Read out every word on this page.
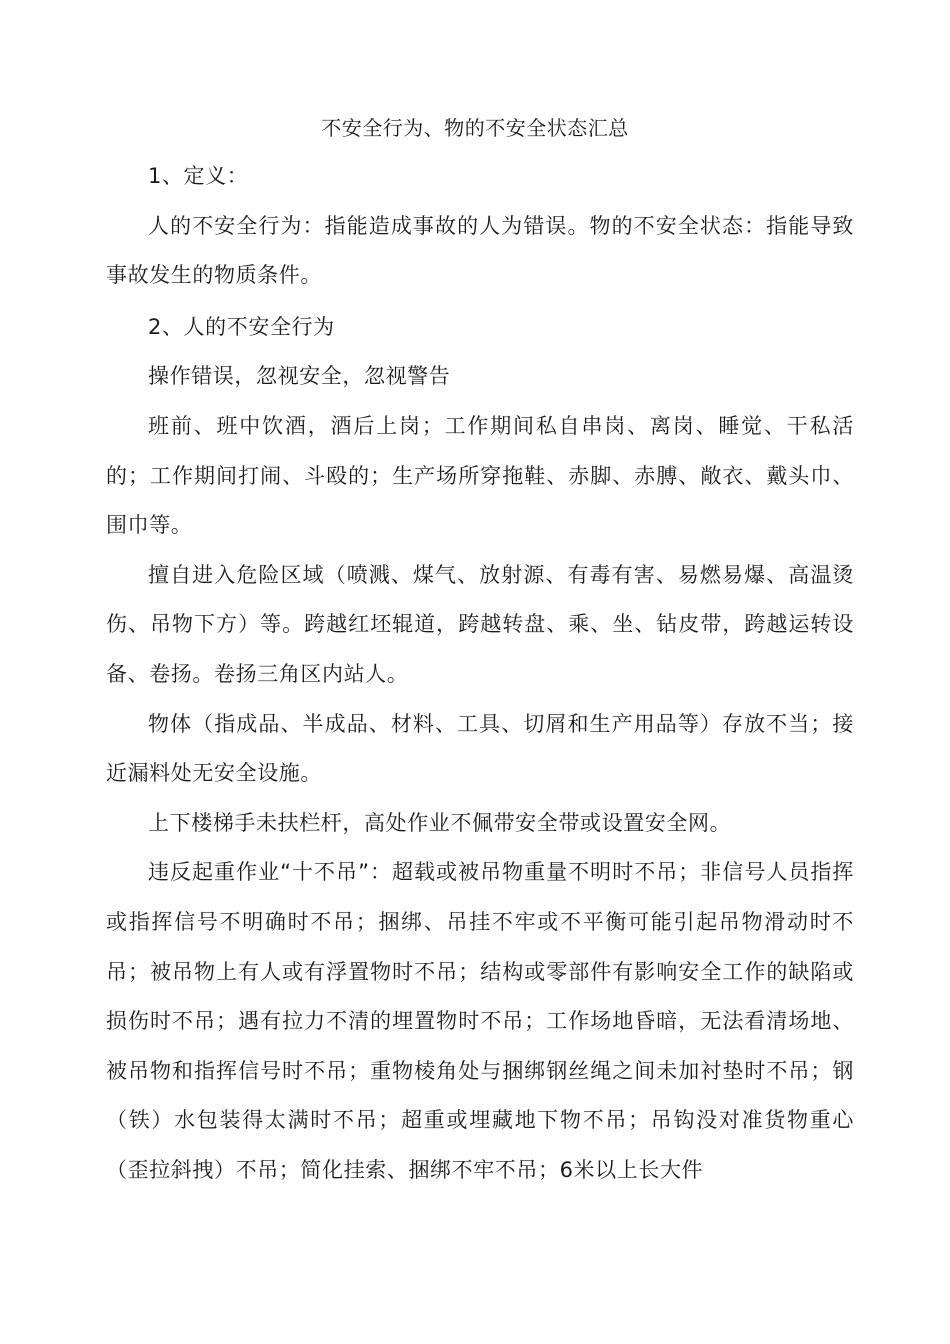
不安全行为、物的不安全状态汇总

1、定义：

人的不安全行为：指能造成事故的人为错误。物的不安全状态：指能导致事故发生的物质条件。

2、人的不安全行为

操作错误，忽视安全，忽视警告

班前、班中饮酒，酒后上岗；工作期间私自串岗、离岗、睡觉、干私活的；工作期间打闹、斗殴的；生产场所穿拖鞋、赤脚、赤膊、敞衣、戴头巾、围巾等。

擅自进入危险区域（喷溅、煤气、放射源、有毒有害、易燃易爆、高温烫伤、吊物下方）等。跨越红坯辊道，跨越转盘、乘、坐、钻皮带，跨越运转设备、卷扬。卷扬三角区内站人。

物体（指成品、半成品、材料、工具、切屑和生产用品等）存放不当；接近漏料处无安全设施。

上下楼梯手未扶栏杆，高处作业不佩带安全带或设置安全网。

违反起重作业“十不吊”：超载或被吊物重量不明时不吊；非信号人员指挥或指挥信号不明确时不吊；捆绑、吊挂不牢或不平衡可能引起吊物滑动时不吊；被吊物上有人或有浮置物时不吊；结构或零部件有影响安全工作的缺陷或损伤时不吊；遇有拉力不清的埋置物时不吊；工作场地昏暗，无法看清场地、被吊物和指挥信号时不吊；重物棱角处与捆绑钢丝绳之间未加衬垫时不吊；钢（铁）水包装得太满时不吊；超重或埋藏地下物不吊；吊钩没对准货物重心（歪拉斜拽）不吊；简化挂索、捆绑不牢不吊；6米以上长大件
